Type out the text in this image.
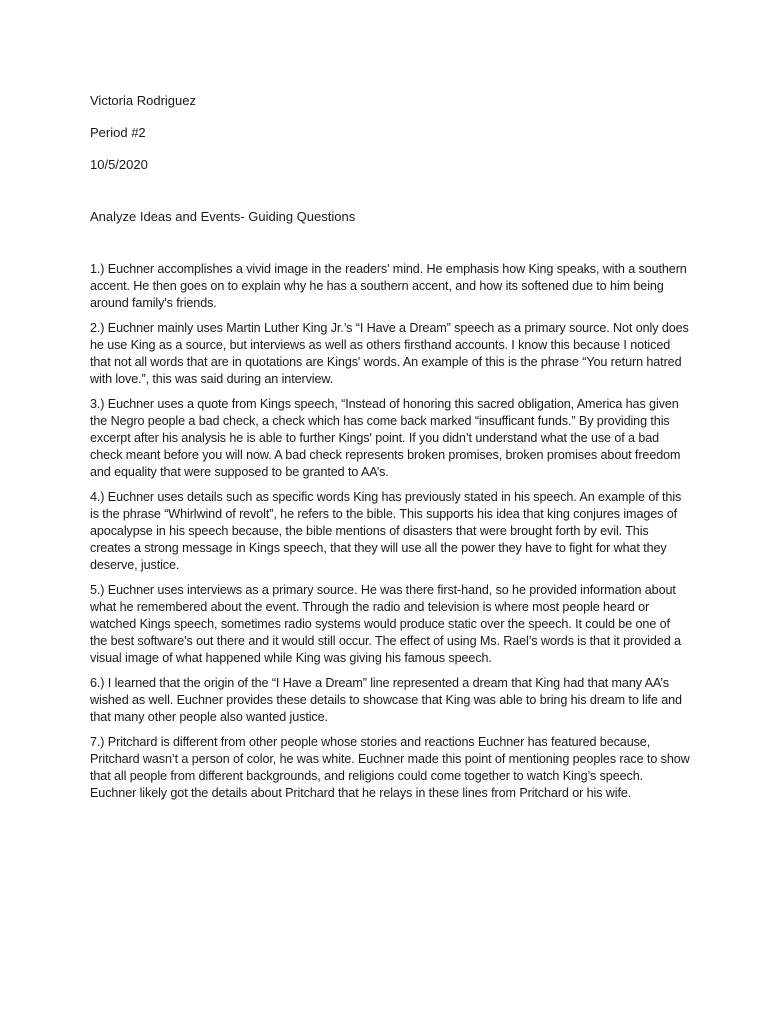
Victoria Rodriguez

Period #2

10/5/2020

Analyze Ideas and Events- Guiding Questions

1.) Euchner accomplishes a vivid image in the readers' mind. He emphasis how King speaks, with a southern accent. He then goes on to explain why he has a southern accent, and how its softened due to him being around family's friends.

2.) Euchner mainly uses Martin Luther King Jr.’s “I Have a Dream” speech as a primary source. Not only does he use King as a source, but interviews as well as others firsthand accounts. I know this because I noticed that not all words that are in quotations are Kings' words. An example of this is the phrase “You return hatred with love.”, this was said during an interview.

3.) Euchner uses a quote from Kings speech, “Instead of honoring this sacred obligation, America has given the Negro people a bad check, a check which has come back marked “insufficant funds.” By providing this excerpt after his analysis he is able to further Kings' point. If you didn’t understand what the use of a bad check meant before you will now. A bad check represents broken promises, broken promises about freedom and equality that were supposed to be granted to AA’s.

4.) Euchner uses details such as specific words King has previously stated in his speech. An example of this is the phrase “Whirlwind of revolt”, he refers to the bible. This supports his idea that king conjures images of apocalypse in his speech because, the bible mentions of disasters that were brought forth by evil. This creates a strong message in Kings speech, that they will use all the power they have to fight for what they deserve, justice.

5.) Euchner uses interviews as a primary source. He was there first-hand, so he provided information about what he remembered about the event. Through the radio and television is where most people heard or watched Kings speech, sometimes radio systems would produce static over the speech. It could be one of the best software's out there and it would still occur. The effect of using Ms. Rael’s words is that it provided a visual image of what happened while King was giving his famous speech.

6.) I learned that the origin of the “I Have a Dream” line represented a dream that King had that many AA’s wished as well. Euchner provides these details to showcase that King was able to bring his dream to life and that many other people also wanted justice.

7.) Pritchard is different from other people whose stories and reactions Euchner has featured because, Pritchard wasn’t a person of color, he was white. Euchner made this point of mentioning peoples race to show that all people from different backgrounds, and religions could come together to watch King’s speech. Euchner likely got the details about Pritchard that he relays in these lines from Pritchard or his wife.
